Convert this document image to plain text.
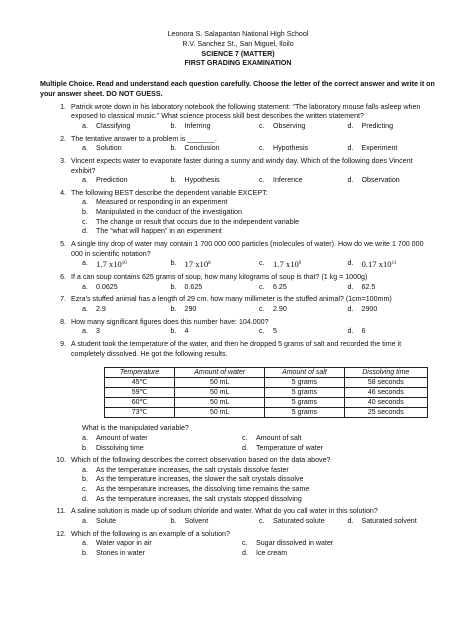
Leonora S. Salapantan National High School
R.V. Sanchez St., San Miguel, Iloilo
SCIENCE 7 (MATTER)
FIRST GRADING EXAMINATION
Multiple Choice. Read and understand each question carefully. Choose the letter of the correct answer and write it on your answer sheet. DO NOT GUESS.
1. Patrick wrote down in his laboratory notebook the following statement: “The laboratory mouse falls asleep when exposed to classical music.” What science process skill best describes the written statement?
a.	Classifying	b.	Inferring	c.	Observing	d.	Predicting
2. The tentative answer to a problem is _______.
a.	Solution	b.	Conclusion	c.	Hypothesis	d.	Experiment
3. Vincent expects water to evaporate faster during a sunny and windy day. Which of the following does Vincent exhibit?
a.	Prediction	b.	Hypothesis	c.	Inference	d.	Observation
4. The following BEST describe the dependent variable EXCEPT:
a.	Measured or responding in an experiment
b.	Manipulated in the conduct of the investigation
c.	The change or result that occurs due to the independent variable
d.	The “what will happen” in an experiment
5. A single tiny drop of water may contain 1 700 000 000 particles (molecules of water). How do we write 1 700 000 000 in scientific notation?
a. 1.7 $x10^{10}$	b. 17 $x10^8$	c. 1.7 $x10^9$	d. 0.17 $x10^{11}$
6. If a can soup contains 625 grams of soup, how many kilograms of soup is that? (1 kg = 1000g)
a.	0.0625	b.	0.625	c.	6.25	d.	62.5
7. Ezra’s stuffed animal has a length of 29 cm. how many millimeter is the stuffed animal? (1cm=100mm)
a.	2.9	b.	290	c.	2.90	d.	2900
8. How many significant figures does this number have: 104.000?
a.	3	b.	4	c.	5	d.	6
9. A student took the temperature of the water, and then he dropped 5 grams of salt and recorded the time it completely dissolved. He got the following results.
Temperature	Amount of water	Amount of salt	Dissolving time
45℃	50 mL	5 grams	58 seconds
59℃	50 mL	5 grams	46 seconds
60℃	50 mL	5 grams	40 seconds
73℃	50 mL	5 grams	25 seconds
What is the manipulated variable?
a.	Amount of water	c.	Amount of salt
b.	Dissolving time	d.	Temperature of water
10. Which of the following describes the correct observation based on the data above?
a.	As the temperature increases, the salt crystals dissolve faster
b.	As the temperature increases, the slower the salt crystals dissolve
c.	As the temperature increases, the dissolving time remains the same
d.	As the temperature increases, the salt crystals stopped dissolving
11. A saline solution is made up of sodium chloride and water. What do you call water in this solution?
a.	Solute	b.	Solvent	c.	Saturated solute	d.	Saturated solvent
12. Which of the following is an example of a solution?
a.	Water vapor in air	c.	Sugar dissolved in water
b.	Stones in water	d.	Ice cream
